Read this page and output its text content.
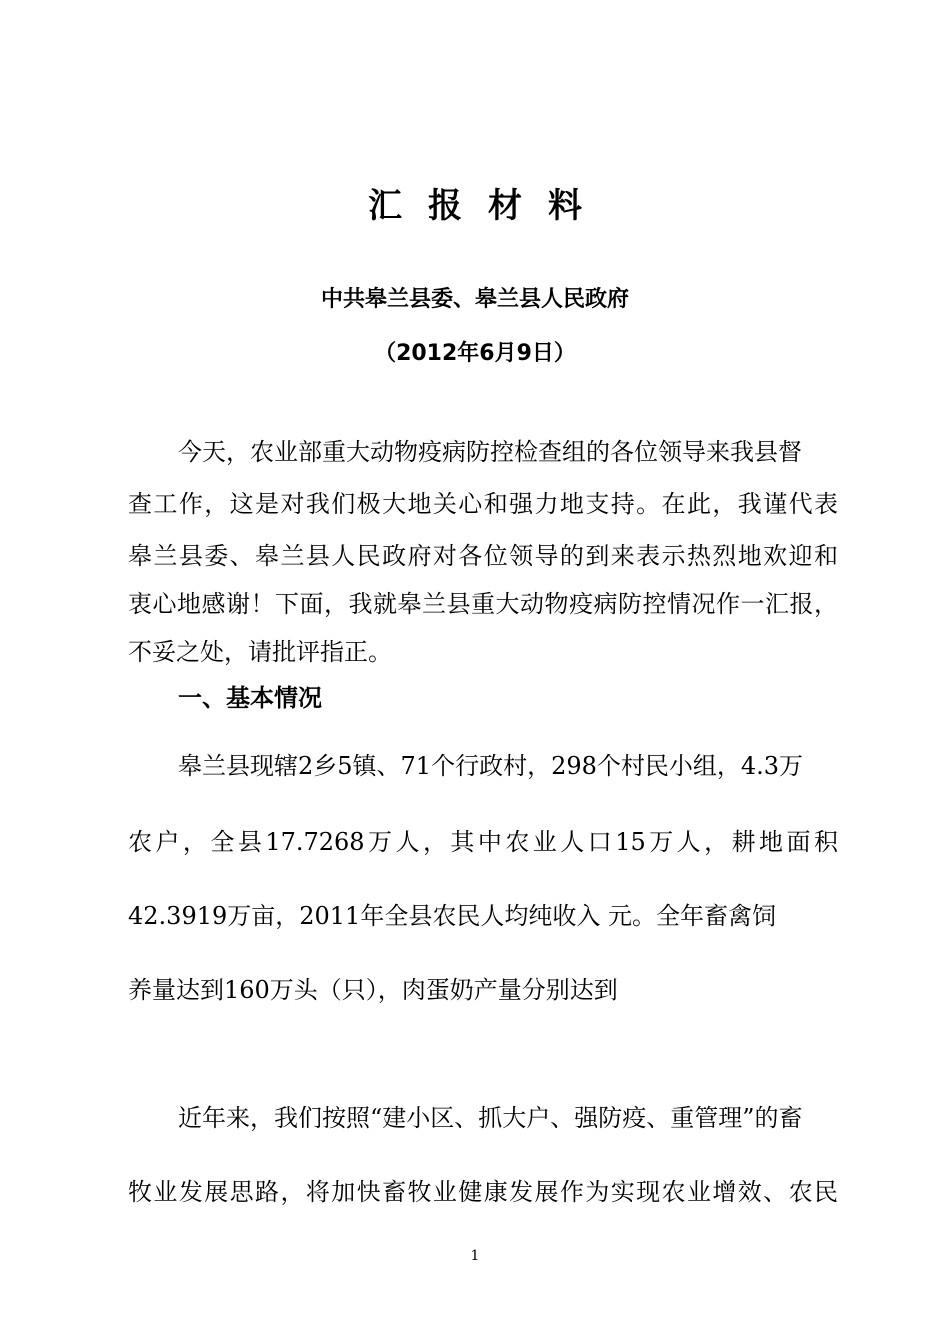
汇报材料
中共皋兰县委、皋兰县人民政府
（2012年6月9日）
今天，农业部重大动物疫病防控检查组的各位领导来我县督
查工作，这是对我们极大地关心和强力地支持。在此，我谨代表
皋兰县委、皋兰县人民政府对各位领导的到来表示热烈地欢迎和
衷心地感谢！下面，我就皋兰县重大动物疫病防控情况作一汇报，
不妥之处，请批评指正。
一、基本情况
皋兰县现辖2乡5镇、71个行政村，298个村民小组，4.3万
农户，全县17.7268万人，其中农业人口15万人，耕地面积
42.3919万亩，2011年全县农民人均纯收入 元。全年畜禽饲
养量达到160万头（只），肉蛋奶产量分别达到
近年来，我们按照“建小区、抓大户、强防疫、重管理”的畜
牧业发展思路，将加快畜牧业健康发展作为实现农业增效、农民
1
